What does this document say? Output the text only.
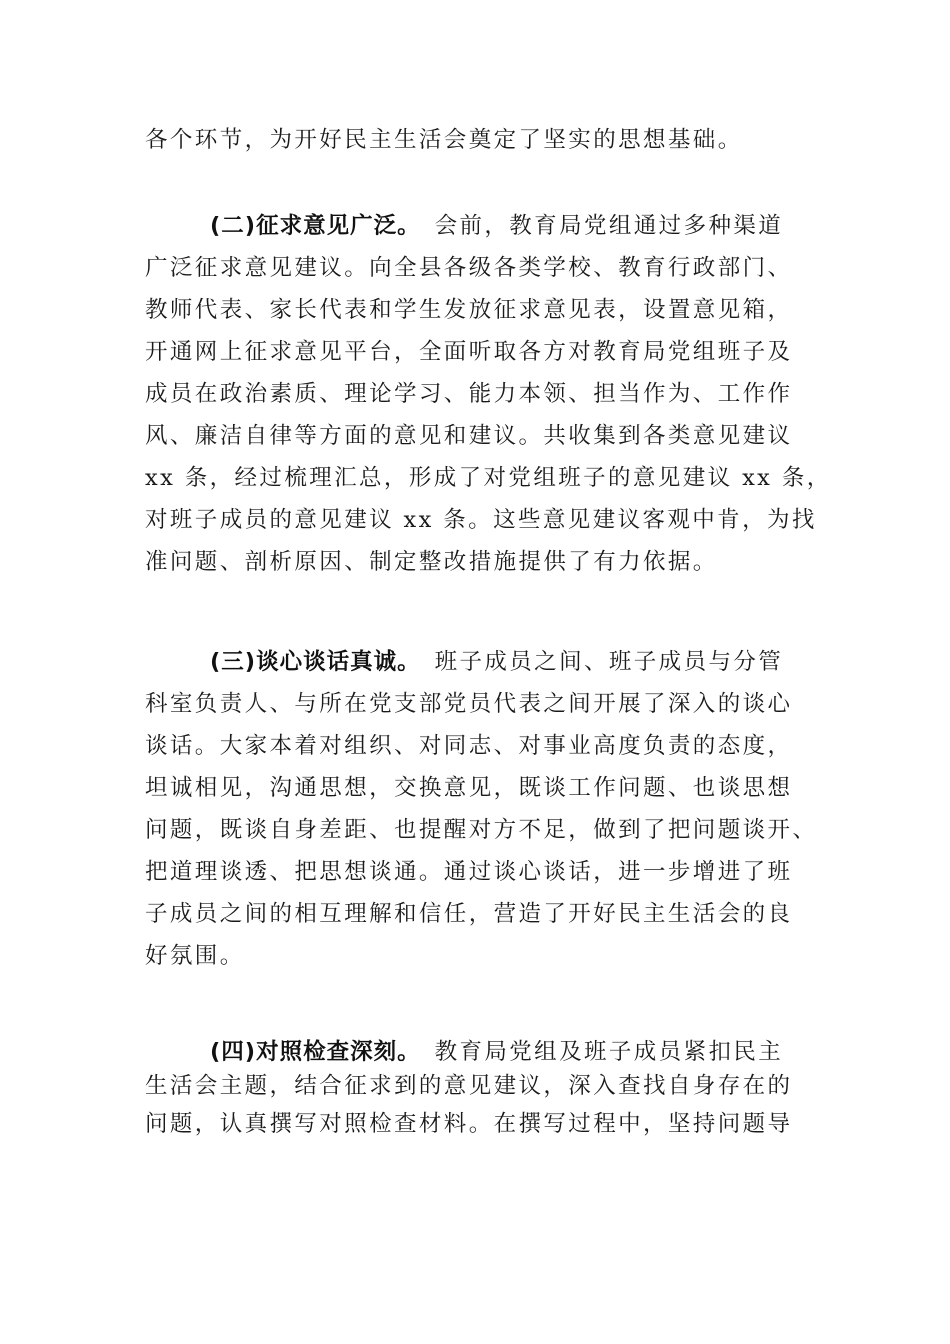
各个环节，为开好民主生活会奠定了坚实的思想基础。
(二)征求意见广泛。 会前，教育局党组通过多种渠道
广泛征求意见建议。向全县各级各类学校、教育行政部门、
教师代表、家长代表和学生发放征求意见表，设置意见箱，
开通网上征求意见平台，全面听取各方对教育局党组班子及
成员在政治素质、理论学习、能力本领、担当作为、工作作
风、廉洁自律等方面的意见和建议。共收集到各类意见建议
xx 条，经过梳理汇总，形成了对党组班子的意见建议 xx 条，
对班子成员的意见建议 xx 条。这些意见建议客观中肯，为找
准问题、剖析原因、制定整改措施提供了有力依据。
(三)谈心谈话真诚。 班子成员之间、班子成员与分管
科室负责人、与所在党支部党员代表之间开展了深入的谈心
谈话。大家本着对组织、对同志、对事业高度负责的态度，
坦诚相见，沟通思想，交换意见，既谈工作问题、也谈思想
问题，既谈自身差距、也提醒对方不足，做到了把问题谈开、
把道理谈透、把思想谈通。通过谈心谈话，进一步增进了班
子成员之间的相互理解和信任，营造了开好民主生活会的良
好氛围。
(四)对照检查深刻。 教育局党组及班子成员紧扣民主
生活会主题，结合征求到的意见建议，深入查找自身存在的
问题，认真撰写对照检查材料。在撰写过程中，坚持问题导
